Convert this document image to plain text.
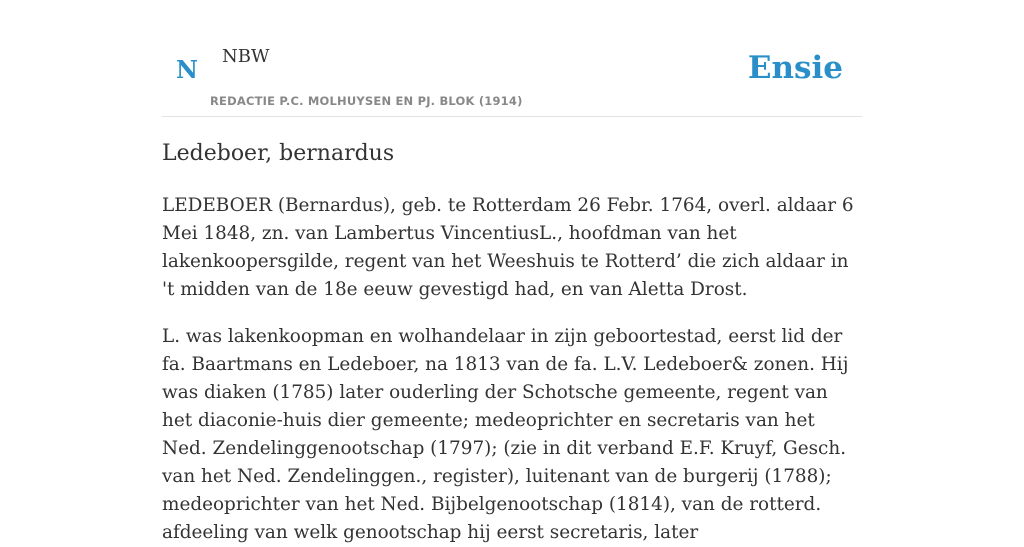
N NBW
REDACTIE P.C. MOLHUYSEN EN PJ. BLOK (1914)
Ensie
Ledeboer, bernardus

LEDEBOER (Bernardus), geb. te Rotterdam 26 Febr. 1764, overl. aldaar 6 Mei 1848, zn. van Lambertus VincentiusL., hoofdman van het lakenkoopersgilde, regent van het Weeshuis te Rotterd’ die zich aldaar in 't midden van de 18e eeuw gevestigd had, en van Aletta Drost.

L. was lakenkoopman en wolhandelaar in zijn geboortestad, eerst lid der fa. Baartmans en Ledeboer, na 1813 van de fa. L.V. Ledeboer& zonen. Hij was diaken (1785) later ouderling der Schotsche gemeente, regent van het diaconie-huis dier gemeente; medeoprichter en secretaris van het Ned. Zendelinggenootschap (1797); (zie in dit verband E.F. Kruyf, Gesch. van het Ned. Zendelinggen., register), luitenant van de burgerij (1788); medeoprichter van het Ned. Bijbelgenootschap (1814), van de rotterd. afdeeling van welk genootschap hij eerst secretaris, later
